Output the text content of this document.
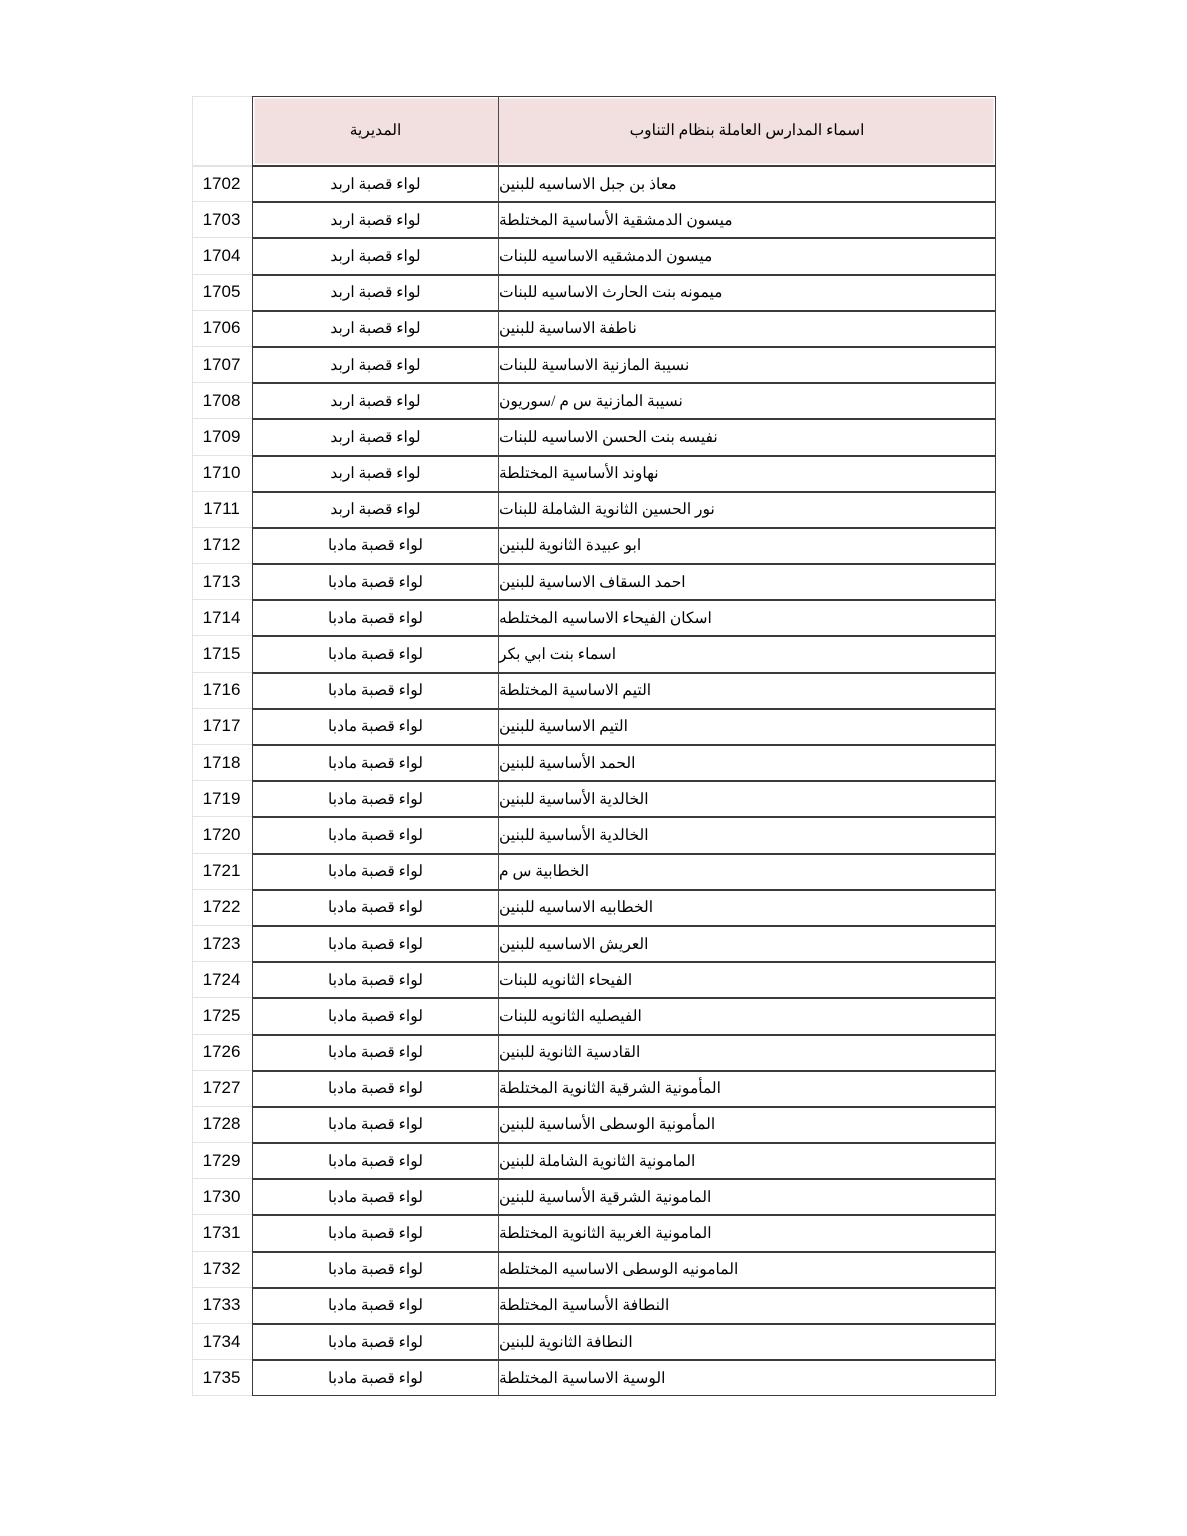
اسماء المدارس العاملة بنظام التناوب	المديرية	

معاذ بن جبل الاساسيه للبنين	لواء قصبة اربد	1702
ميسون الدمشقية الأساسية المختلطة	لواء قصبة اربد	1703
ميسون الدمشقيه الاساسيه للبنات	لواء قصبة اربد	1704
ميمونه بنت الحارث الاساسيه للبنات	لواء قصبة اربد	1705
ناطفة الاساسية للبنين	لواء قصبة اربد	1706
نسيبة المازنية الاساسية للبنات	لواء قصبة اربد	1707
نسيبة المازنية س م /سوريون	لواء قصبة اربد	1708
نفيسه بنت الحسن الاساسيه للبنات	لواء قصبة اربد	1709
نهاوند الأساسية المختلطة	لواء قصبة اربد	1710
نور الحسين الثانوية الشاملة للبنات	لواء قصبة اربد	1711
ابو عبيدة الثانوية للبنين	لواء قصبة مادبا	1712
احمد السقاف الاساسية للبنين	لواء قصبة مادبا	1713
اسكان الفيحاء الاساسيه المختلطه	لواء قصبة مادبا	1714
اسماء بنت ابي بكر	لواء قصبة مادبا	1715
التيم الاساسية المختلطة	لواء قصبة مادبا	1716
التيم الاساسية للبنين	لواء قصبة مادبا	1717
الحمد الأساسية للبنين	لواء قصبة مادبا	1718
الخالدية الأساسية للبنين	لواء قصبة مادبا	1719
الخالدية الأساسية للبنين	لواء قصبة مادبا	1720
الخطابية س م	لواء قصبة مادبا	1721
الخطابيه الاساسيه للبنين	لواء قصبة مادبا	1722
العريش الاساسيه للبنين	لواء قصبة مادبا	1723
الفيحاء الثانويه للبنات	لواء قصبة مادبا	1724
الفيصليه الثانويه للبنات	لواء قصبة مادبا	1725
القادسية الثانوية للبنين	لواء قصبة مادبا	1726
المأمونية الشرقية الثانوية المختلطة	لواء قصبة مادبا	1727
المأمونية الوسطى الأساسية للبنين	لواء قصبة مادبا	1728
المامونية الثانوية الشاملة للبنين	لواء قصبة مادبا	1729
المامونية الشرقية الأساسية للبنين	لواء قصبة مادبا	1730
المامونية الغربية الثانوية المختلطة	لواء قصبة مادبا	1731
المامونيه الوسطى الاساسيه المختلطه	لواء قصبة مادبا	1732
النطافة الأساسية المختلطة	لواء قصبة مادبا	1733
النطافة الثانوية للبنين	لواء قصبة مادبا	1734
الوسية الاساسية المختلطة	لواء قصبة مادبا	1735
